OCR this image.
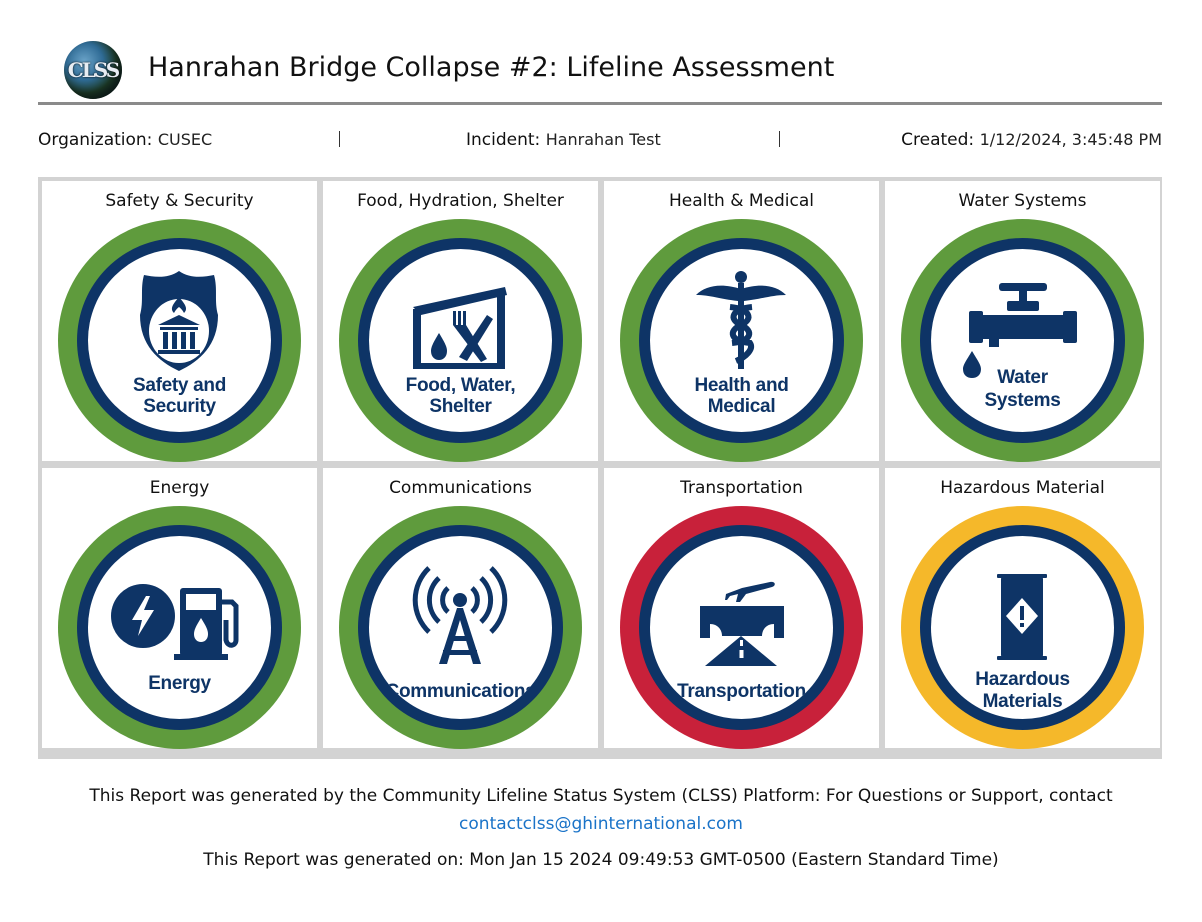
CLSS Hanrahan Bridge Collapse #2: Lifeline Assessment
Organization: CUSEC	Incident: Hanrahan Test	Created: 1/12/2024, 3:45:48 PM
Safety & Security
Safety and
Security
Food, Hydration, Shelter
Food, Water,
Shelter
Health & Medical
Health and
Medical
Water Systems
Water
Systems
Energy
Energy
Communications
Communications
Transportation
Transportation
Hazardous Material
Hazardous
Materials
This Report was generated by the Community Lifeline Status System (CLSS) Platform: For Questions or Support, contact
contactclss@ghinternational.com
This Report was generated on: Mon Jan 15 2024 09:49:53 GMT-0500 (Eastern Standard Time)
